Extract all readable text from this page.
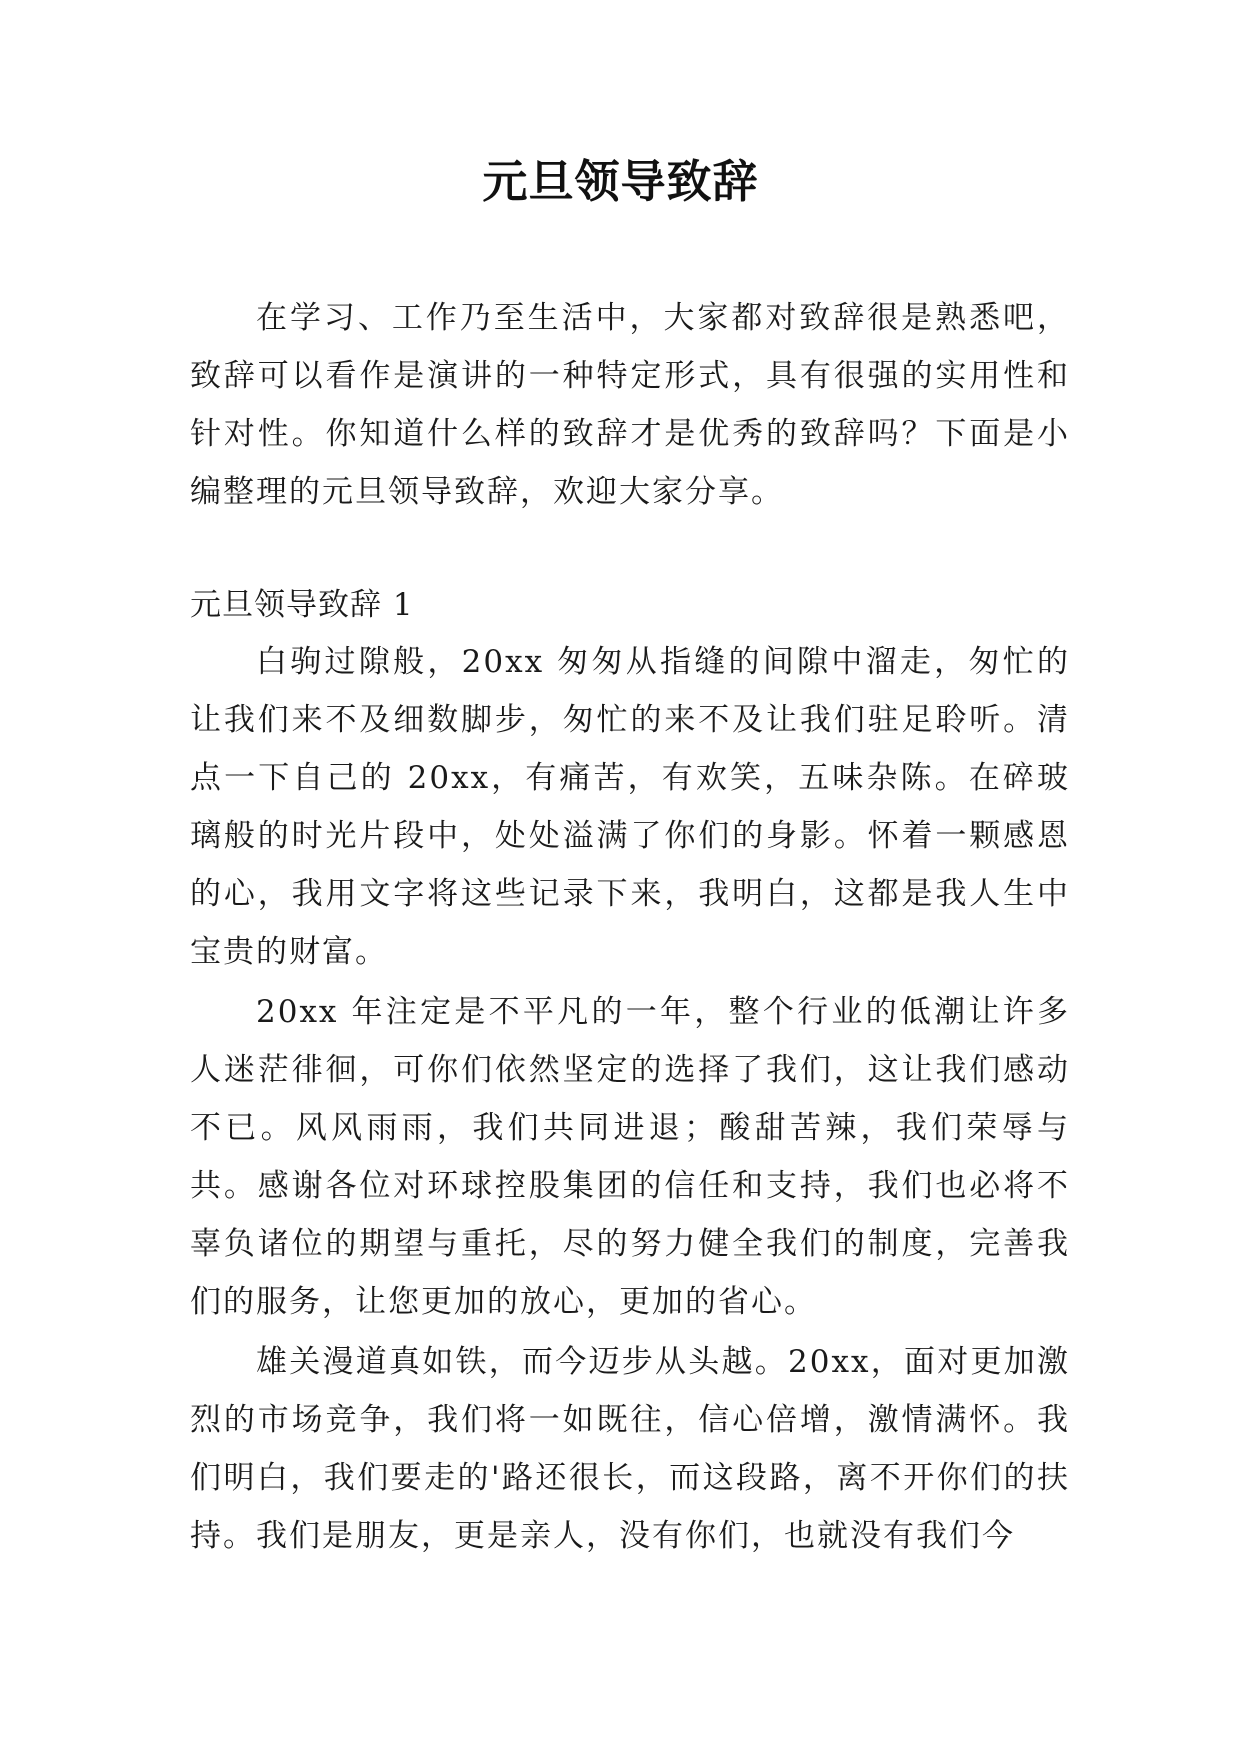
元旦领导致辞

在学习、工作乃至生活中，大家都对致辞很是熟悉吧，致辞可以看作是演讲的一种特定形式，具有很强的实用性和针对性。你知道什么样的致辞才是优秀的致辞吗？下面是小编整理的元旦领导致辞，欢迎大家分享。

元旦领导致辞 1

白驹过隙般，20xx 匆匆从指缝的间隙中溜走，匆忙的让我们来不及细数脚步，匆忙的来不及让我们驻足聆听。清点一下自己的 20xx，有痛苦，有欢笑，五味杂陈。在碎玻璃般的时光片段中，处处溢满了你们的身影。怀着一颗感恩的心，我用文字将这些记录下来，我明白，这都是我人生中宝贵的财富。

20xx 年注定是不平凡的一年，整个行业的低潮让许多人迷茫徘徊，可你们依然坚定的选择了我们，这让我们感动不已。风风雨雨，我们共同进退；酸甜苦辣，我们荣辱与共。感谢各位对环球控股集团的信任和支持，我们也必将不辜负诸位的期望与重托，尽的努力健全我们的制度，完善我们的服务，让您更加的放心，更加的省心。

雄关漫道真如铁，而今迈步从头越。20xx，面对更加激烈的市场竞争，我们将一如既往，信心倍增，激情满怀。我们明白，我们要走的'路还很长，而这段路，离不开你们的扶持。我们是朋友，更是亲人，没有你们，也就没有我们今
